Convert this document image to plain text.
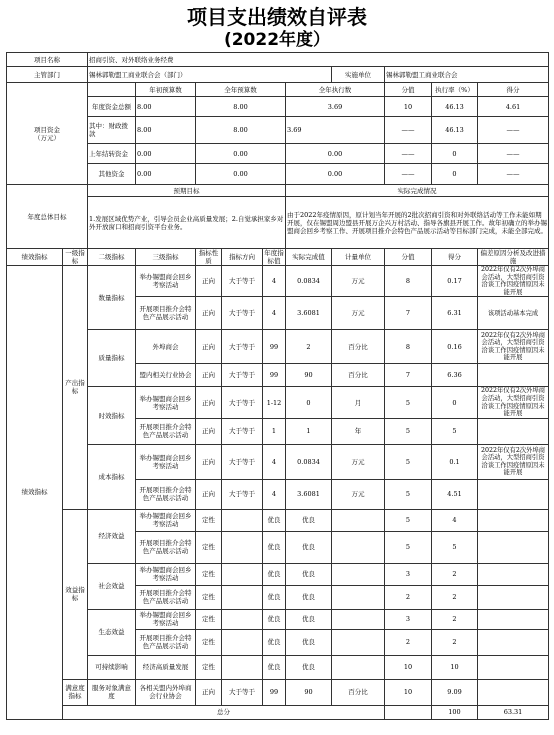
项目支出绩效自评表
(2022年度）
项目名称		招商引资、对外联络业务经费										
主管部门		锡林郭勒盟工商业联合会（部门）						实施单位	锡林郭勒盟工商业联合会			
项目资金
（万元）			年初预算数	全年预算数			全年执行数		分值	执行率（%）	得分	
		年度资金总额	8.00	8.00			3.69		10	46.13	4.61	
		其中：财政拨款	8.00	8.00			3.69		——	46.13	——	
		上年结转资金	0.00	0.00			0.00		——	0	——	
		其他资金	0.00	0.00			0.00		——	0	——	
年度总体目标		预期目标					实际完成情况					
		1.发展区域优势产业，引导会员企业高质量发展；2.自觉承担家乡对外开放窗口和招商引资平台业务。					由于2022年疫情原因，原计划当年开展的2批次招商引资和对外联络活动等工作未能如期开展，仅在锡盟周边盟县开展万企兴万村活动、指导各旗县开展工作。故年初确立的举办锡盟商会回乡考察工作、开展项目推介会特色产品展示活动等目标部门完成，未能全部完成。					
绩效指标	一级指标	二级指标	三级指标	指标性质	指标方向	年度指标值	实际完成值	计量单位	分值	得分	偏差原因分析及改进措施	
绩效指标	产出指标	数量指标	举办锡盟商会回乡考察活动	正向	大于等于	4	0.0834	万元	8	0.17	2022年仅有2次外埠商会活动，大型招商引资洽谈工作因疫情原因未能开展	
			开展项目推介会特色产品展示活动	正向	大于等于	4	3.6081	万元	7	6.31	该项活动基本完成	
		质量指标	外埠商会	正向	大于等于	99	2	百分比	8	0.16	2022年仅有2次外埠商会活动，大型招商引资洽谈工作因疫情原因未能开展	
			盟内相关行业协会	正向	大于等于	99	90	百分比	7	6.36		
		时效指标	举办锡盟商会回乡考察活动	正向	大于等于	1-12	0	月	5	0	2022年仅有2次外埠商会活动，大型招商引资洽谈工作因疫情原因未能开展	
			开展项目推介会特色产品展示活动	正向	大于等于	1	1	年	5	5		
		成本指标	举办锡盟商会回乡考察活动	正向	大于等于	4	0.0834	万元	5	0.1	2022年仅有2次外埠商会活动，大型招商引资洽谈工作因疫情原因未能开展	
			开展项目推介会特色产品展示活动	正向	大于等于	4	3.6081	万元	5	4.51		
	效益指标	经济效益	举办锡盟商会回乡考察活动	定性		优良	优良		5	4		
			开展项目推介会特色产品展示活动	定性		优良	优良		5	5		
		社会效益	举办锡盟商会回乡考察活动	定性		优良	优良		3	2		
			开展项目推介会特色产品展示活动	定性		优良	优良		2	2		
		生态效益	举办锡盟商会回乡考察活动	定性		优良	优良		3	2		
			开展项目推介会特色产品展示活动	定性		优良	优良		2	2		
		可持续影响	经济高质量发展	定性		优良	优良		10	10		
	满意度指标	服务对象满意度	各相关盟内外埠商会行业协会	正向	大于等于	99	90	百分比	10	9.09		
	总分									100	63.31	
